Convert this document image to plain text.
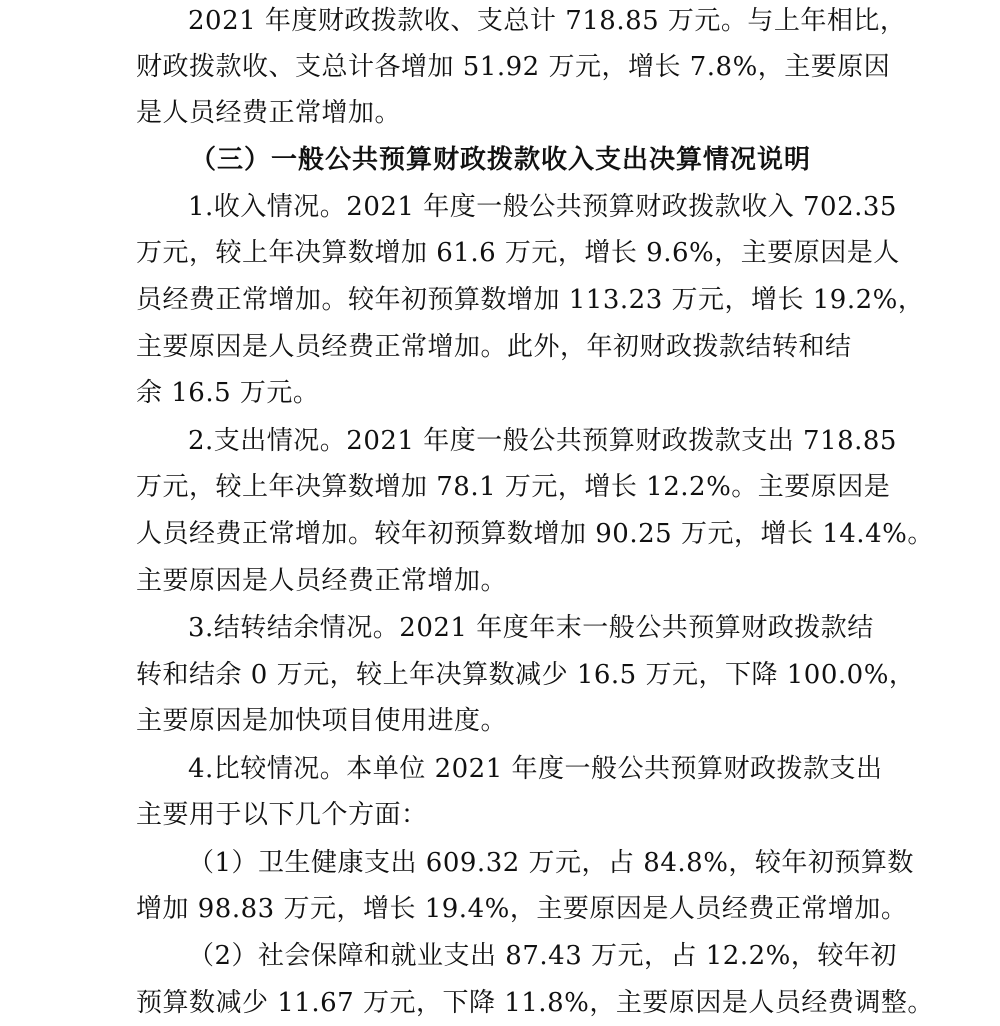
2021 年度财政拨款收、支总计 718.85 万元。与上年相比，
财政拨款收、支总计各增加 51.92 万元，增长 7.8%，主要原因
是人员经费正常增加。
（三）一般公共预算财政拨款收入支出决算情况说明
1.收入情况。2021 年度一般公共预算财政拨款收入 702.35
万元，较上年决算数增加 61.6 万元，增长 9.6%，主要原因是人
员经费正常增加。较年初预算数增加 113.23 万元，增长 19.2%，
主要原因是人员经费正常增加。此外，年初财政拨款结转和结
余 16.5 万元。
2.支出情况。2021 年度一般公共预算财政拨款支出 718.85
万元，较上年决算数增加 78.1 万元，增长 12.2%。主要原因是
人员经费正常增加。较年初预算数增加 90.25 万元，增长 14.4%。
主要原因是人员经费正常增加。
3.结转结余情况。2021 年度年末一般公共预算财政拨款结
转和结余 0 万元，较上年决算数减少 16.5 万元，下降 100.0%，
主要原因是加快项目使用进度。
4.比较情况。本单位 2021 年度一般公共预算财政拨款支出
主要用于以下几个方面：
（1）卫生健康支出 609.32 万元，占 84.8%，较年初预算数
增加 98.83 万元，增长 19.4%，主要原因是人员经费正常增加。
（2）社会保障和就业支出 87.43 万元，占 12.2%，较年初
预算数减少 11.67 万元，下降 11.8%，主要原因是人员经费调整。
